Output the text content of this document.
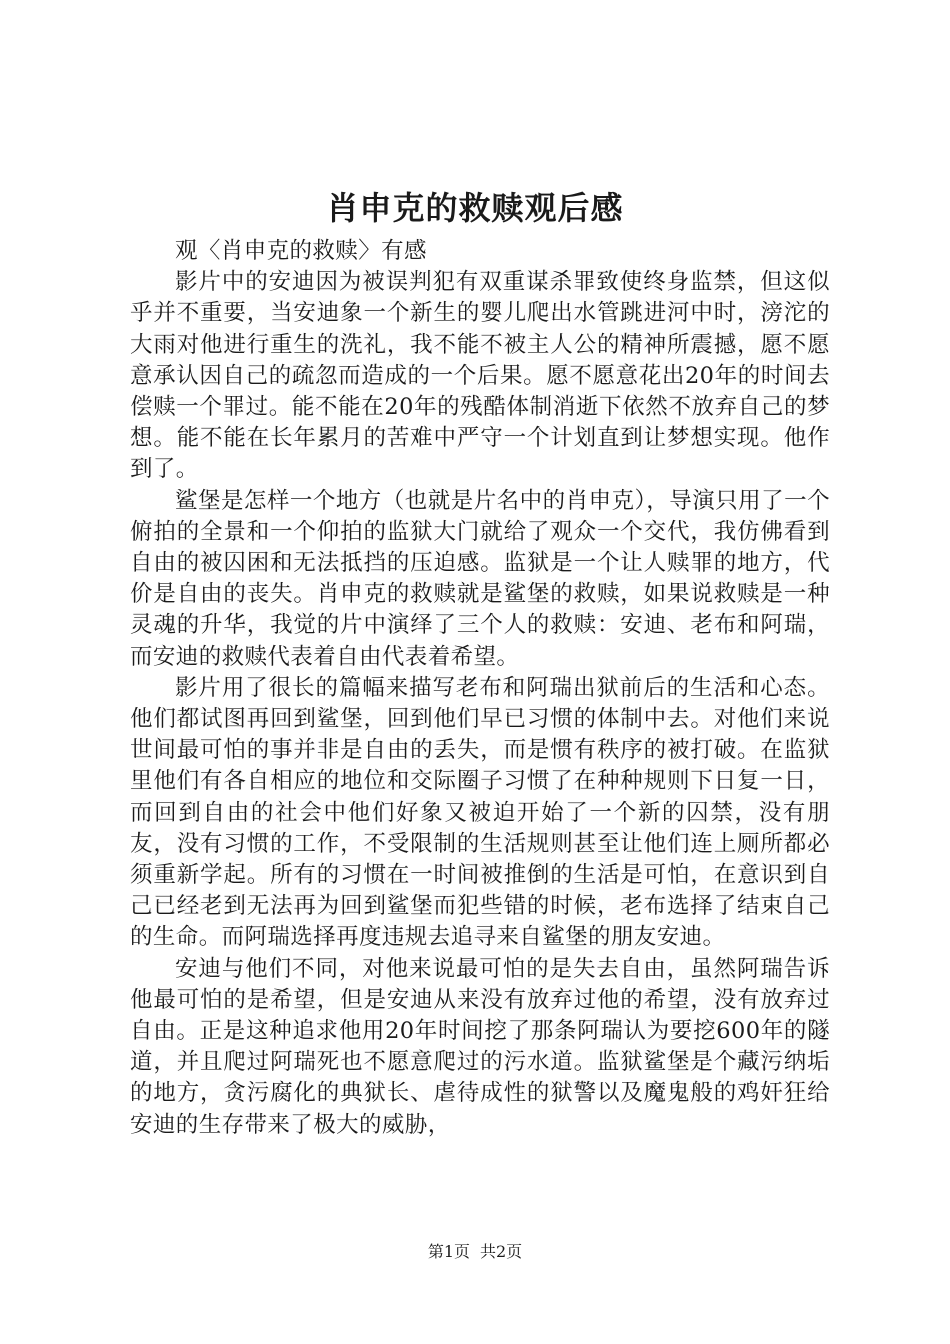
肖申克的救赎观后感

观〈肖申克的救赎〉有感

影片中的安迪因为被误判犯有双重谋杀罪致使终身监禁，但这似乎并不重要，当安迪象一个新生的婴儿爬出水管跳进河中时，滂沱的大雨对他进行重生的洗礼，我不能不被主人公的精神所震撼，愿不愿意承认因自己的疏忽而造成的一个后果。愿不愿意花出20年的时间去偿赎一个罪过。能不能在20年的残酷体制消逝下依然不放弃自己的梦想。能不能在长年累月的苦难中严守一个计划直到让梦想实现。他作到了。

鲨堡是怎样一个地方（也就是片名中的肖申克），导演只用了一个俯拍的全景和一个仰拍的监狱大门就给了观众一个交代，我仿佛看到自由的被囚困和无法抵挡的压迫感。监狱是一个让人赎罪的地方，代价是自由的丧失。肖申克的救赎就是鲨堡的救赎，如果说救赎是一种灵魂的升华，我觉的片中演绎了三个人的救赎：安迪、老布和阿瑞，而安迪的救赎代表着自由代表着希望。

影片用了很长的篇幅来描写老布和阿瑞出狱前后的生活和心态。他们都试图再回到鲨堡，回到他们早已习惯的体制中去。对他们来说世间最可怕的事并非是自由的丢失，而是惯有秩序的被打破。在监狱里他们有各自相应的地位和交际圈子习惯了在种种规则下日复一日，而回到自由的社会中他们好象又被迫开始了一个新的囚禁，没有朋友，没有习惯的工作，不受限制的生活规则甚至让他们连上厕所都必须重新学起。所有的习惯在一时间被推倒的生活是可怕，在意识到自己已经老到无法再为回到鲨堡而犯些错的时候，老布选择了结束自己的生命。而阿瑞选择再度违规去追寻来自鲨堡的朋友安迪。

安迪与他们不同，对他来说最可怕的是失去自由，虽然阿瑞告诉他最可怕的是希望，但是安迪从来没有放弃过他的希望，没有放弃过自由。正是这种追求他用20年时间挖了那条阿瑞认为要挖600年的隧道，并且爬过阿瑞死也不愿意爬过的污水道。监狱鲨堡是个藏污纳垢的地方，贪污腐化的典狱长、虐待成性的狱警以及魔鬼般的鸡奸狂给安迪的生存带来了极大的威胁，

第1页 共2页
